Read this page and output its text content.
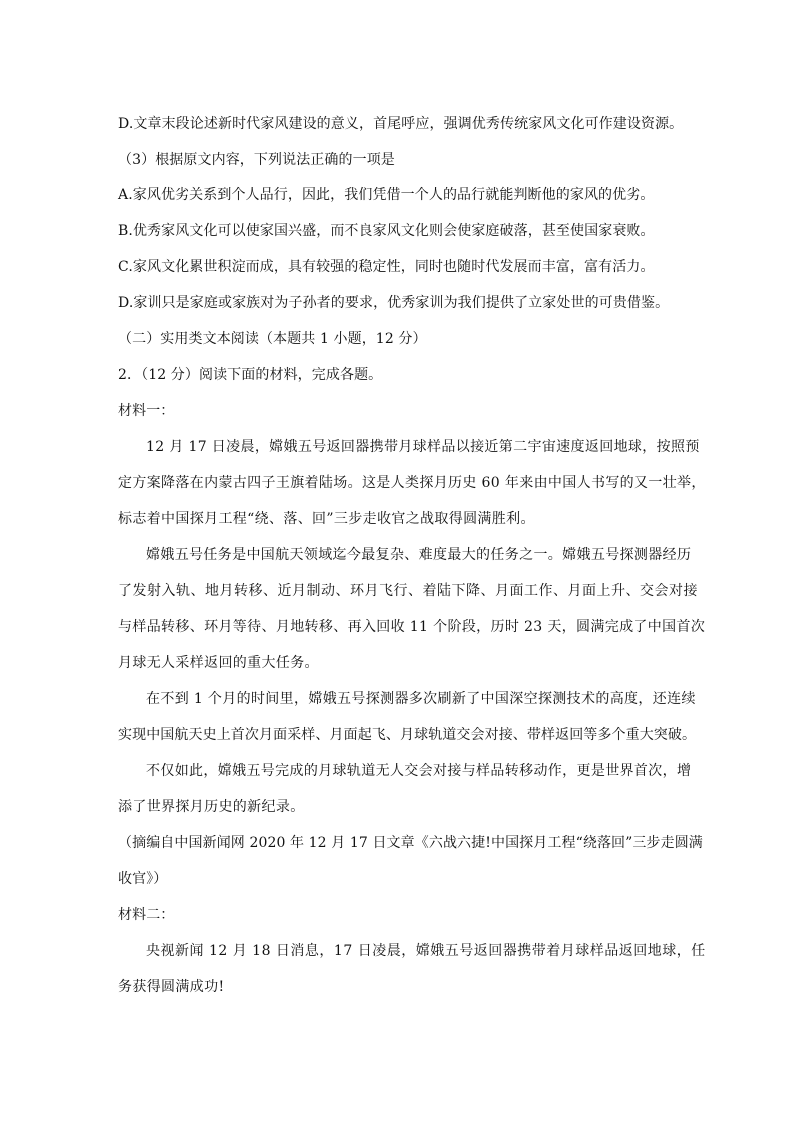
D.文章末段论述新时代家风建设的意义，首尾呼应，强调优秀传统家风文化可作建设资源。
（3）根据原文内容，下列说法正确的一项是
A.家风优劣关系到个人品行，因此，我们凭借一个人的品行就能判断他的家风的优劣。
B.优秀家风文化可以使家国兴盛，而不良家风文化则会使家庭破落，甚至使国家衰败。
C.家风文化累世积淀而成，具有较强的稳定性，同时也随时代发展而丰富，富有活力。
D.家训只是家庭或家族对为子孙者的要求，优秀家训为我们提供了立家处世的可贵借鉴。
（二）实用类文本阅读（本题共 1 小题，12 分）
2．（12 分）阅读下面的材料，完成各题。
材料一：
12 月 17 日凌晨，嫦娥五号返回器携带月球样品以接近第二宇宙速度返回地球，按照预
定方案降落在内蒙古四子王旗着陆场。这是人类探月历史 60 年来由中国人书写的又一壮举，
标志着中国探月工程“绕、落、回”三步走收官之战取得圆满胜利。
嫦娥五号任务是中国航天领域迄今最复杂、难度最大的任务之一。嫦娥五号探测器经历
了发射入轨、地月转移、近月制动、环月飞行、着陆下降、月面工作、月面上升、交会对接
与样品转移、环月等待、月地转移、再入回收 11 个阶段，历时 23 天，圆满完成了中国首次
月球无人采样返回的重大任务。
在不到 1 个月的时间里，嫦娥五号探测器多次刷新了中国深空探测技术的高度，还连续
实现中国航天史上首次月面采样、月面起飞、月球轨道交会对接、带样返回等多个重大突破。
不仅如此，嫦娥五号完成的月球轨道无人交会对接与样品转移动作，更是世界首次，增
添了世界探月历史的新纪录。
（摘编自中国新闻网 2020 年 12 月 17 日文章《六战六捷!中国探月工程“绕落回”三步走圆满
收官》）
材料二：
央视新闻 12 月 18 日消息，17 日凌晨，嫦娥五号返回器携带着月球样品返回地球，任
务获得圆满成功!
